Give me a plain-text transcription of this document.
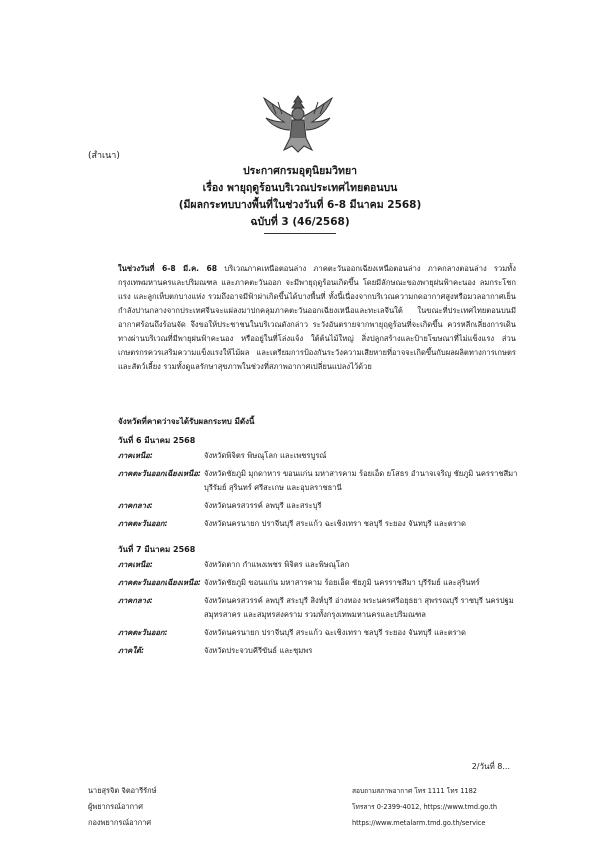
(สำเนา)
ประกาศกรมอุตุนิยมวิทยา
เรื่อง พายุฤดูร้อนบริเวณประเทศไทยตอนบน
(มีผลกระทบบางพื้นที่ในช่วงวันที่ 6-8 มีนาคม 2568)
ฉบับที่ 3 (46/2568)

ในช่วงวันที่ 6-8 มี.ค. 68 บริเวณภาคเหนือตอนล่าง ภาคตะวันออกเฉียงเหนือตอนล่าง ภาคกลางตอนล่าง รวมทั้งกรุงเทพมหานครและปริมณฑล และภาคตะวันออก จะมีพายุฤดูร้อนเกิดขึ้น โดยมีลักษณะของพายุฝนฟ้าคะนอง ลมกระโชกแรง และลูกเห็บตกบางแห่ง รวมถึงอาจมีฟ้าผ่าเกิดขึ้นได้บางพื้นที่ ทั้งนี้เนื่องจากบริเวณความกดอากาศสูงหรือมวลอากาศเย็นกำลังปานกลางจากประเทศจีนจะแผ่ลงมาปกคลุมภาคตะวันออกเฉียงเหนือและทะเลจีนใต้ ในขณะที่ประเทศไทยตอนบนมีอากาศร้อนถึงร้อนจัด จึงขอให้ประชาชนในบริเวณดังกล่าว ระวังอันตรายจากพายุฤดูร้อนที่จะเกิดขึ้น ควรหลีกเลี่ยงการเดินทางผ่านบริเวณที่มีพายุฝนฟ้าคะนอง หรืออยู่ในที่โล่งแจ้ง ใต้ต้นไม้ใหญ่ สิ่งปลูกสร้างและป้ายโฆษณาที่ไม่แข็งแรง ส่วนเกษตรกรควรเสริมความแข็งแรงให้ไม้ผล และเตรียมการป้องกันระวังความเสียหายที่อาจจะเกิดขึ้นกับผลผลิตทางการเกษตร และสัตว์เลี้ยง รวมทั้งดูแลรักษาสุขภาพในช่วงที่สภาพอากาศเปลี่ยนแปลงไว้ด้วย

จังหวัดที่คาดว่าจะได้รับผลกระทบ มีดังนี้
วันที่ 6 มีนาคม 2568
ภาคเหนือ:	จังหวัดพิจิตร พิษณุโลก และเพชรบูรณ์
ภาคตะวันออกเฉียงเหนือ: จังหวัดชัยภูมิ มุกดาหาร ขอนแก่น มหาสารคาม ร้อยเอ็ด ยโสธร อำนาจเจริญ ชัยภูมิ นครราชสีมา บุรีรัมย์ สุรินทร์ ศรีสะเกษ และอุบลราชธานี
ภาคกลาง:	จังหวัดนครสวรรค์ ลพบุรี และสระบุรี
ภาคตะวันออก:	จังหวัดนครนายก ปราจีนบุรี สระแก้ว ฉะเชิงเทรา ชลบุรี ระยอง จันทบุรี และตราด
วันที่ 7 มีนาคม 2568
ภาคเหนือ:	จังหวัดตาก กำแพงเพชร พิจิตร และพิษณุโลก
ภาคตะวันออกเฉียงเหนือ: จังหวัดชัยภูมิ ขอนแก่น มหาสารคาม ร้อยเอ็ด ชัยภูมิ นครราชสีมา บุรีรัมย์ และสุรินทร์
ภาคกลาง:	จังหวัดนครสวรรค์ ลพบุรี สระบุรี สิงห์บุรี อ่างทอง พระนครศรีอยุธยา สุพรรณบุรี ราชบุรี นครปฐม สมุทรสาคร และสมุทรสงคราม รวมทั้งกรุงเทพมหานครและปริมณฑล
ภาคตะวันออก:	จังหวัดนครนายก ปราจีนบุรี สระแก้ว ฉะเชิงเทรา ชลบุรี ระยอง จันทบุรี และตราด
ภาคใต้:	จังหวัดประจวบคีรีขันธ์ และชุมพร
2/วันที่ 8...
นายสุรจิต จิตอารีรักษ์
ผู้พยากรณ์อากาศ
กองพยากรณ์อากาศ
สอบถามสภาพอากาศ โทร 1111 โทร 1182
โทรสาร 0-2399-4012, https://www.tmd.go.th
https://www.metalarm.tmd.go.th/service
